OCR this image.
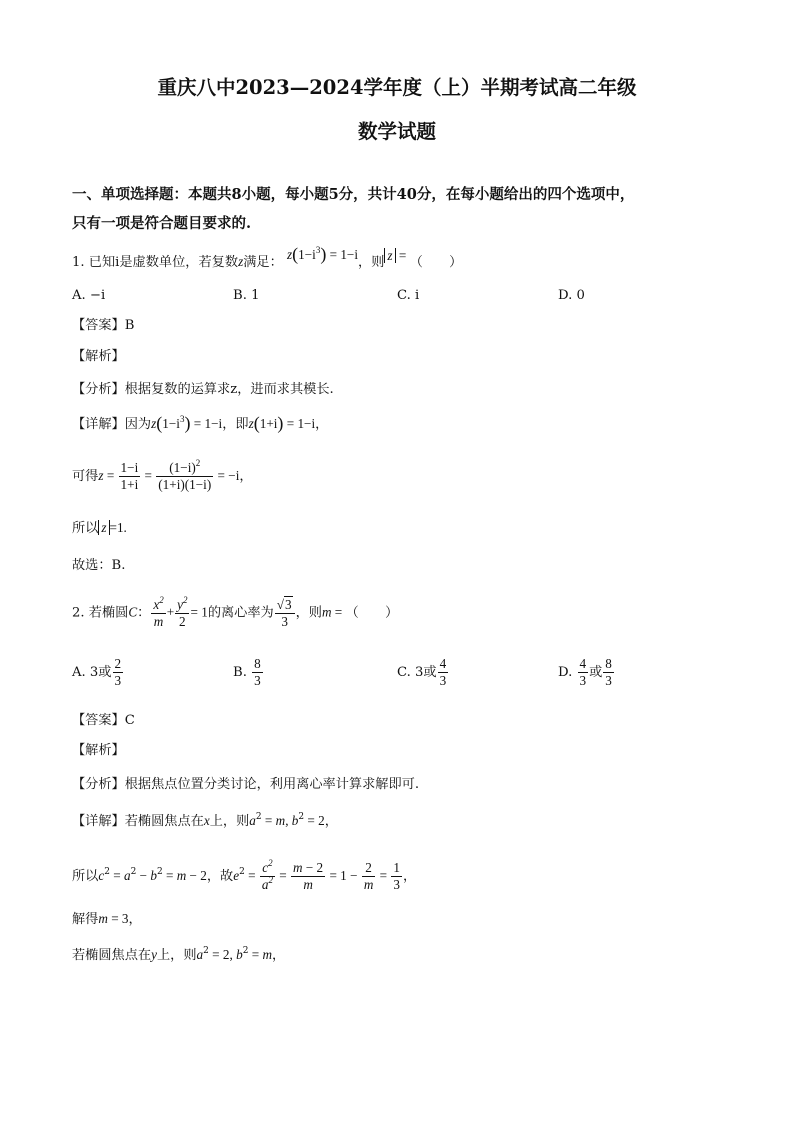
重庆八中2023—2024学年度（上）半期考试高二年级
数学试题
一、单项选择题：本题共8小题，每小题5分，共计40分，在每小题给出的四个选项中，
只有一项是符合题目要求的.
1. 已知i是虚数单位，若复数z满足： $z(1-i^3) = 1-i$，则 z = （　　）
A. −i	B. 1	C. i	D. 0
【答案】B
【解析】
【分析】根据复数的运算求z，进而求其模长.
【详解】因为$z(1-i^3) = 1-i$，即z(1+i) = 1−i，
可得$z = \frac{1-i}{1+i} = \frac{(1-i)^2}{(1+i)(1-i)} = -i$，
所以 z =1.
故选：B.
2. 若椭圆C： $\frac{x^2}{m} + \frac{y^2}{2} = 1$的离心率为 $\frac{√3}{3}$ ，则m = （　　）
A. 3或 $\frac{2}{3}$	B. $\frac{8}{3}$	C. 3或 $\frac{4}{3}$	D. $\frac{4}{3}$ 或 $\frac{8}{3}$
【答案】C
【解析】
【分析】根据焦点位置分类讨论，利用离心率计算求解即可.
【详解】若椭圆焦点在x上，则$a^2 = m$, $b^2 = 2$，
所以$c^2 = a^2 - b^2 = m - 2$，故$e^2 = \frac{c^2}{a^2} = \frac{m - 2}{m} = 1 - \frac{2}{m} = \frac{1}{3}$ ，
解得m = 3，
若椭圆焦点在y上，则$a^2 = 2$, $b^2 = m$，
